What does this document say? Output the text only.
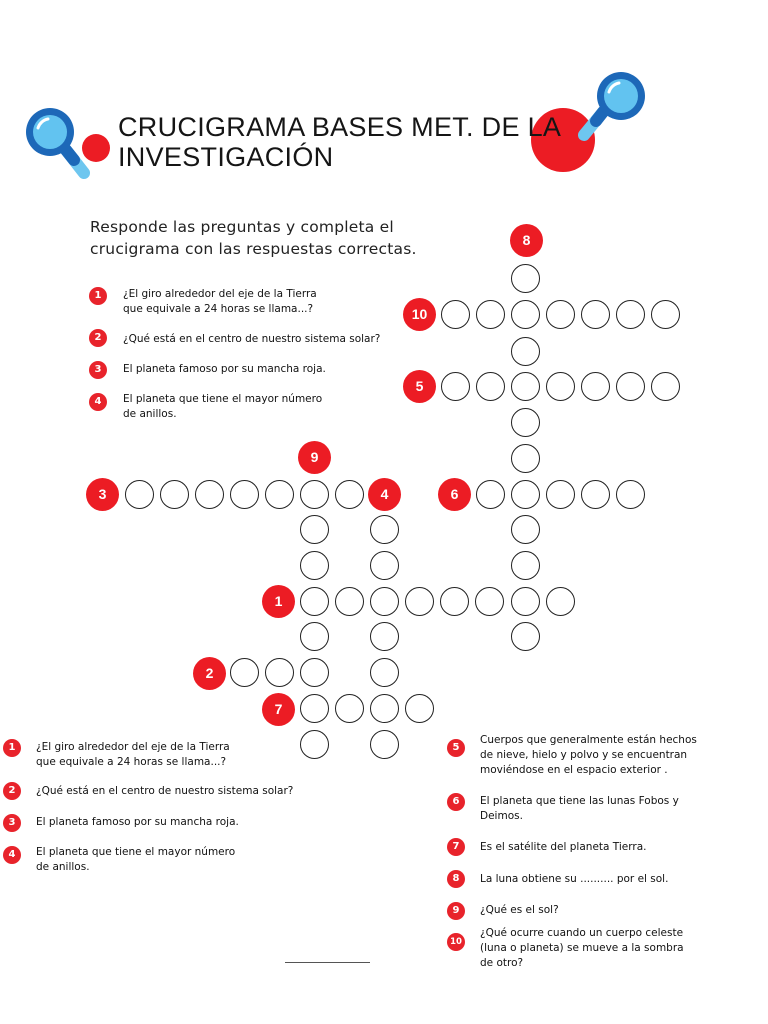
CRUCIGRAMA BASES MET. DE LA
INVESTIGACIÓN
Responde las preguntas y completa el crucigrama con las respuestas correctas.
1	¿El giro alrededor del eje de la Tierra
que equivale a 24 horas se llama...?
2	¿Qué está en el centro de nuestro sistema solar?
3	El planeta famoso por su mancha roja.
4	El planeta que tiene el mayor número
de anillos.
8
10
5
9
3	4	6
1
2
7
1	¿El giro alrededor del eje de la Tierra
que equivale a 24 horas se llama...?
2	¿Qué está en el centro de nuestro sistema solar?
3	El planeta famoso por su mancha roja.
4	El planeta que tiene el mayor número
de anillos.
5
Cuerpos que generalmente están hechos
de nieve, hielo y polvo y se encuentran
moviéndose en el espacio exterior .
6	El planeta que tiene las lunas Fobos y
Deimos.
7	Es el satélite del planeta Tierra.
8	La luna obtiene su .......... por el sol.
9	¿Qué es el sol?
10
¿Qué ocurre cuando un cuerpo celeste
(luna o planeta) se mueve a la sombra
de otro?
